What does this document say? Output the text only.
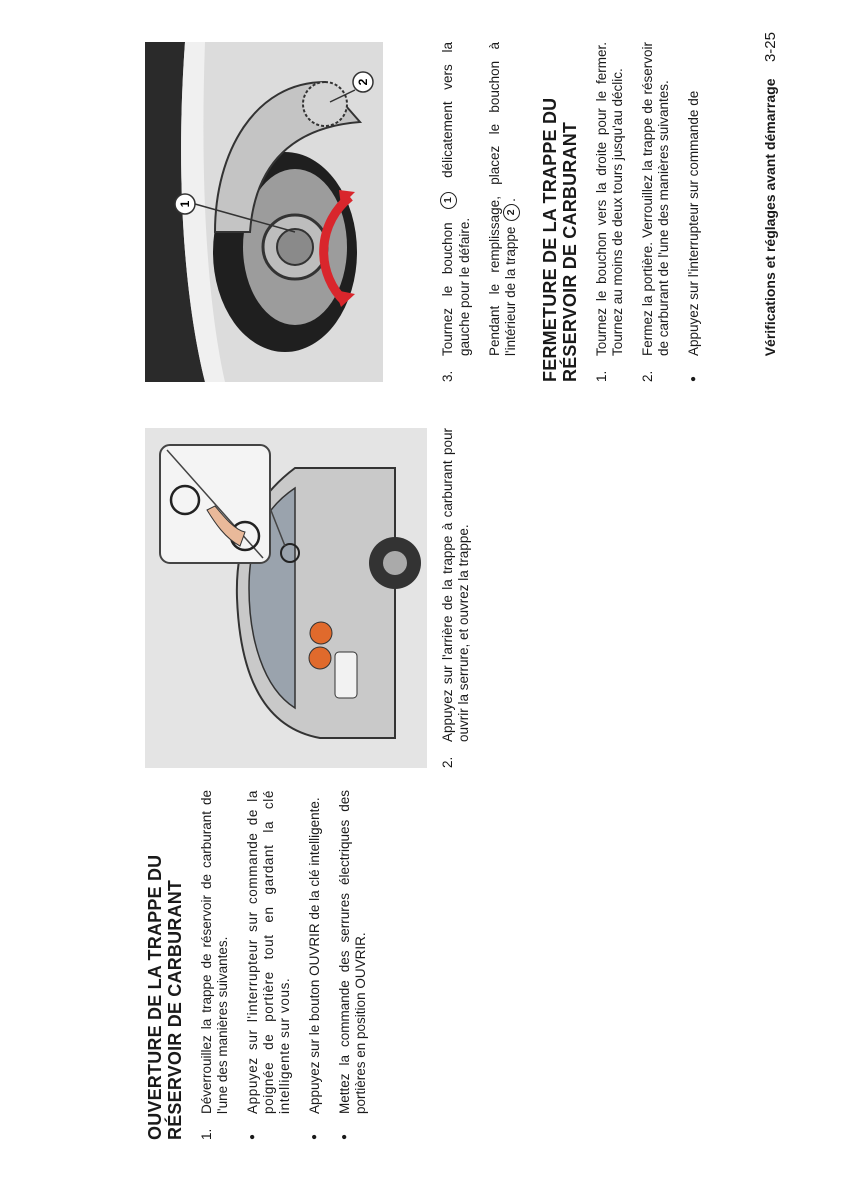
OUVERTURE DE LA TRAPPE DU
RÉSERVOIR DE CARBURANT 1.
Déverrouillez la trappe de réservoir de carburant de l'une des manières suivantes.
●
Appuyez sur l'interrupteur sur commande de la poignée de portière tout en gardant la clé intelligente sur vous.
●
Appuyez sur le bouton OUVRIR de la clé intelligente.
●
Mettez la commande des serrures électriques des portières en position OUVRIR.
2.
Appuyez sur l'arrière de la trappe à carburant pour ouvrir la serrure, et ouvrez la trappe.
1
2
3.
Tournez le bouchon 1 délicatement vers la gauche pour le défaire. Pendant le remplissage, placez le bouchon à l'intérieur de la trappe 2. FERMETURE DE LA TRAPPE DU
RÉSERVOIR DE CARBURANT 1.
Tournez le bouchon vers la droite pour le fermer. Tournez au moins de deux tours jusqu'au déclic.
2.
Fermez la portière. Verrouillez la trappe de réservoir de carburant de l'une des manières suivantes.
●
Appuyez sur l'interrupteur sur commande de	Vérifications et réglages avant démarrage 3-25
